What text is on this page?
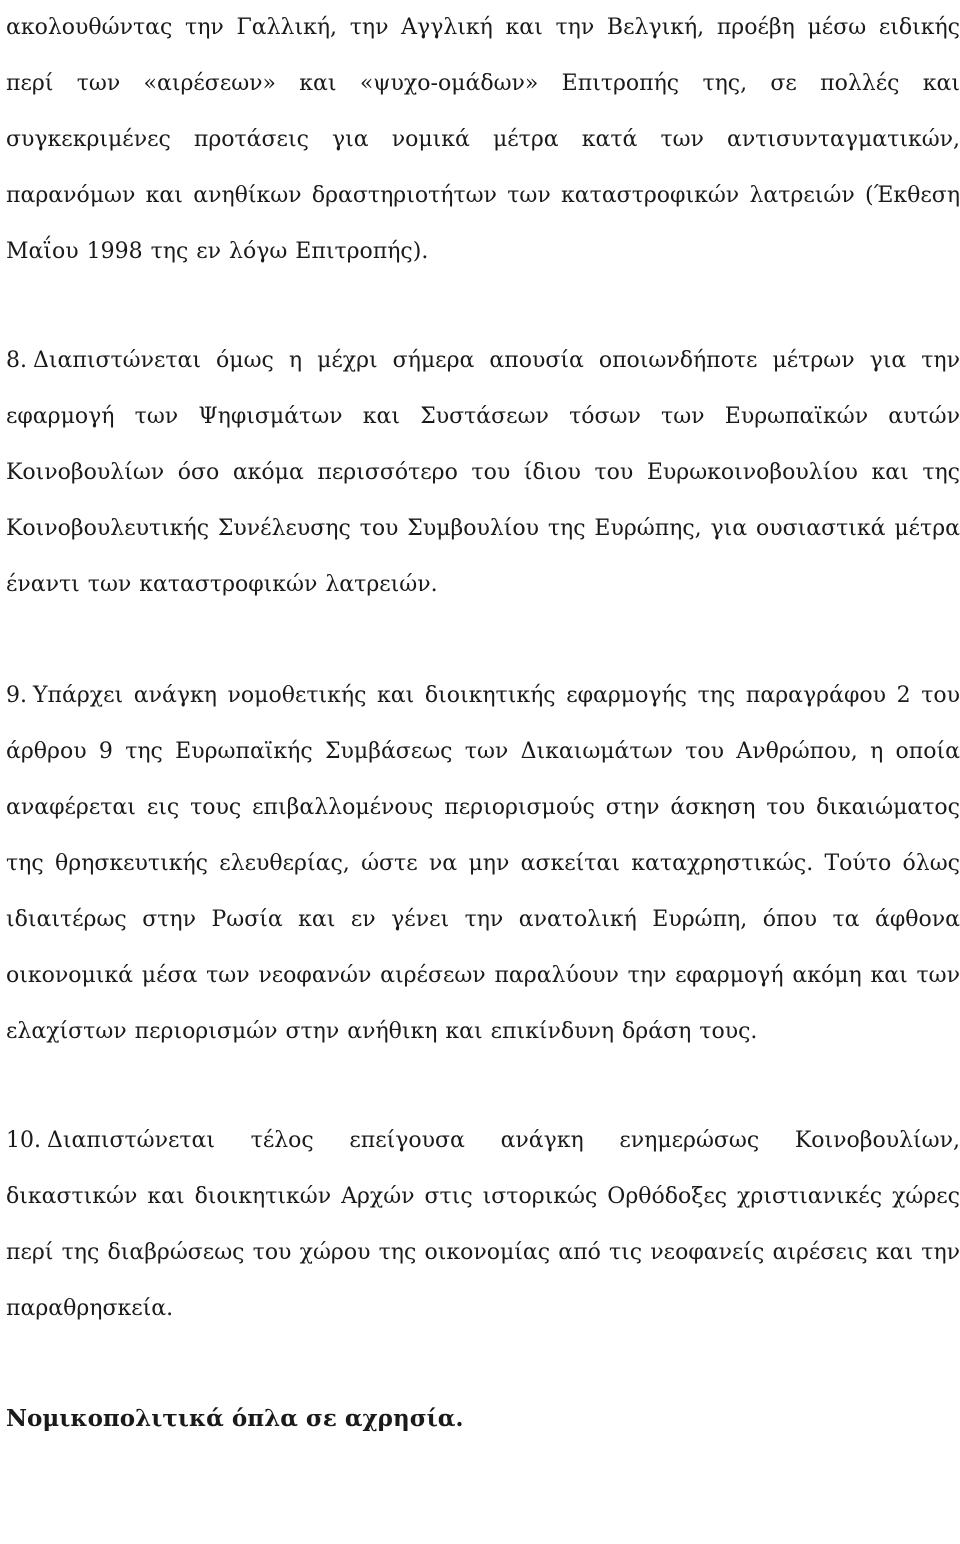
ακολουθώντας την Γαλλική, την Αγγλική και την Βελγική, προέβη μέσω ειδικής περί των «αιρέσεων» και «ψυχο-ομάδων» Επιτροπής της, σε πολλές και συγκεκριμένες προτάσεις για νομικά μέτρα κατά των αντισυνταγματικών, παρανόμων και ανηθίκων δραστηριοτήτων των καταστροφικών λατρειών (Έκθεση Μαΐου 1998 της εν λόγω Επιτροπής).

8. Διαπιστώνεται όμως η μέχρι σήμερα απουσία οποιωνδήποτε μέτρων για την εφαρμογή των Ψηφισμάτων και Συστάσεων τόσων των Ευρωπαϊκών αυτών Κοινοβουλίων όσο ακόμα περισσότερο του ίδιου του Ευρωκοινοβουλίου και της Κοινοβουλευτικής Συνέλευσης του Συμβουλίου της Ευρώπης, για ουσιαστικά μέτρα έναντι των καταστροφικών λατρειών.

9. Υπάρχει ανάγκη νομοθετικής και διοικητικής εφαρμογής της παραγράφου 2 του άρθρου 9 της Ευρωπαϊκής Συμβάσεως των Δικαιωμάτων του Ανθρώπου, η οποία αναφέρεται εις τους επιβαλλομένους περιορισμούς στην άσκηση του δικαιώματος της θρησκευτικής ελευθερίας, ώστε να μην ασκείται καταχρηστικώς. Τούτο όλως ιδιαιτέρως στην Ρωσία και εν γένει την ανατολική Ευρώπη, όπου τα άφθονα οικονομικά μέσα των νεοφανών αιρέσεων παραλύουν την εφαρμογή ακόμη και των ελαχίστων περιορισμών στην ανήθικη και επικίνδυνη δράση τους.

10. Διαπιστώνεται τέλος επείγουσα ανάγκη ενημερώσως Κοινοβουλίων, δικαστικών και διοικητικών Αρχών στις ιστορικώς Ορθόδοξες χριστιανικές χώρες περί της διαβρώσεως του χώρου της οικονομίας από τις νεοφανείς αιρέσεις και την παραθρησκεία.

Νομικοπολιτικά όπλα σε αχρησία.
